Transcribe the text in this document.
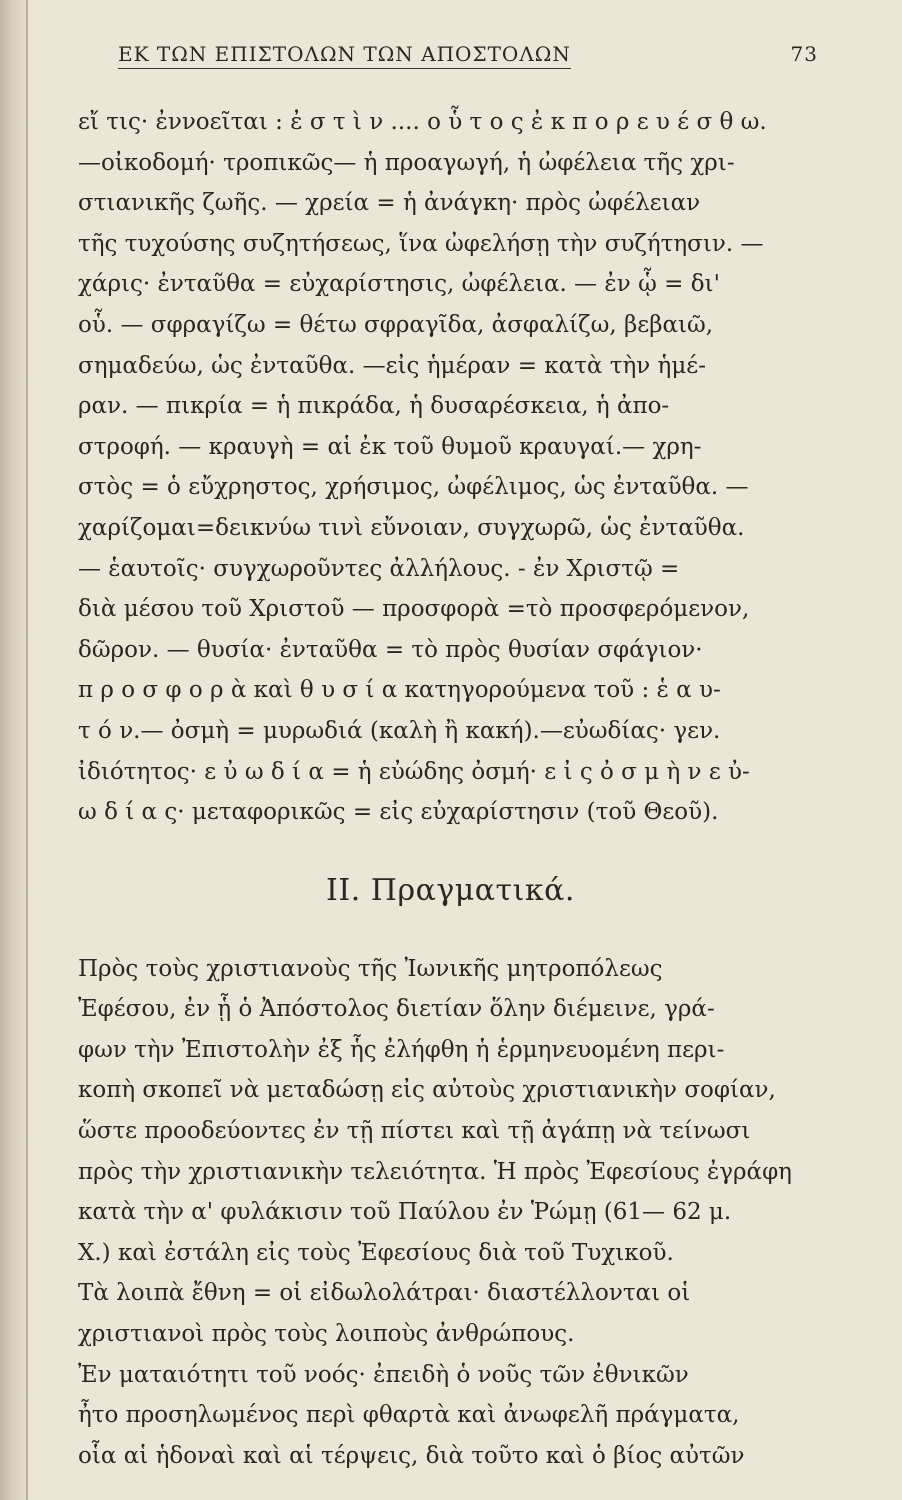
ΕΚ ΤΩΝ ΕΠΙΣΤΟΛΩΝ ΤΩΝ ΑΠΟΣΤΟΛΩΝ	73
εἴ τις· ἐννοεῖται : ἐ σ τ ὶ ν .... ο ὗ τ ο ς ἐ κ π ο ρ ε υ έ σ θ ω.
—οἰκοδομή· τροπικῶς— ἡ προαγωγή, ἡ ὠφέλεια τῆς χρι-
στιανικῆς ζωῆς. — χρεία = ἡ ἀνάγκη· πρὸς ὠφέλειαν
τῆς τυχούσης συζητήσεως, ἵνα ὠφελήσῃ τὴν συζήτησιν. —
χάρις· ἐνταῦθα = εὐχαρίστησις, ὠφέλεια. — ἐν ᾧ = δι'
οὗ. — σφραγίζω = θέτω σφραγῖδα, ἀσφαλίζω, βεβαιῶ,
σημαδεύω, ὡς ἐνταῦθα. —εἰς ἡμέραν = κατὰ τὴν ἡμέ-
ραν. — πικρία = ἡ πικράδα, ἡ δυσαρέσκεια, ἡ ἀπο-
στροφή. — κραυγὴ = αἱ ἐκ τοῦ θυμοῦ κραυγαί.— χρη-
στὸς = ὁ εὔχρηστος, χρήσιμος, ὠφέλιμος, ὡς ἐνταῦθα. —
χαρίζομαι=δεικνύω τινὶ εὔνοιαν, συγχωρῶ, ὡς ἐνταῦθα.
— ἑαυτοῖς· συγχωροῦντες ἀλλήλους. - ἐν Χριστῷ =
διὰ μέσου τοῦ Χριστοῦ — προσφορὰ =τὸ προσφερόμενον,
δῶρον. — θυσία· ἐνταῦθα = τὸ πρὸς θυσίαν σφάγιον·
π ρ ο σ φ ο ρ ὰ καὶ θ υ σ ί α κατηγορούμενα τοῦ : ἑ α υ-
τ ό ν.— ὀσμὴ = μυρωδιά (καλὴ ἢ κακή).—εὐωδίας· γεν.
ἰδιότητος· ε ὐ ω δ ί α = ἡ εὐώδης ὀσμή· ε ἰ ς ὀ σ μ ὴ ν ε ὐ-
ω δ ί α ς· μεταφορικῶς = εἰς εὐχαρίστησιν (τοῦ Θεοῦ).
ΙΙ. Πραγματικά.
Πρὸς τοὺς χριστιανοὺς τῆς Ἰωνικῆς μητροπόλεως
Ἐφέσου, ἐν ᾗ ὁ Ἀπόστολος διετίαν ὅλην διέμεινε, γρά-
φων τὴν Ἐπιστολὴν ἐξ ἧς ἐλήφθη ἡ ἑρμηνευομένη περι-
κοπὴ σκοπεῖ νὰ μεταδώσῃ εἰς αὐτοὺς χριστιανικὴν σοφίαν,
ὥστε προοδεύοντες ἐν τῇ πίστει καὶ τῇ ἀγάπῃ νὰ τείνωσι
πρὸς τὴν χριστιανικὴν τελειότητα. Ἡ πρὸς Ἐφεσίους ἐγράφη
κατὰ τὴν α' φυλάκισιν τοῦ Παύλου ἐν Ῥώμῃ (61— 62 μ.
Χ.) καὶ ἐστάλη εἰς τοὺς Ἐφεσίους διὰ τοῦ Τυχικοῦ.
Τὰ λοιπὰ ἔθνη = οἱ εἰδωλολάτραι· διαστέλλονται οἱ
χριστιανοὶ πρὸς τοὺς λοιποὺς ἀνθρώπους.
Ἐν ματαιότητι τοῦ νοός· ἐπειδὴ ὁ νοῦς τῶν ἐθνικῶν
ἦτο προσηλωμένος περὶ φθαρτὰ καὶ ἀνωφελῆ πράγματα,
οἷα αἱ ἡδοναὶ καὶ αἱ τέρψεις, διὰ τοῦτο καὶ ὁ βίος αὐτῶν
